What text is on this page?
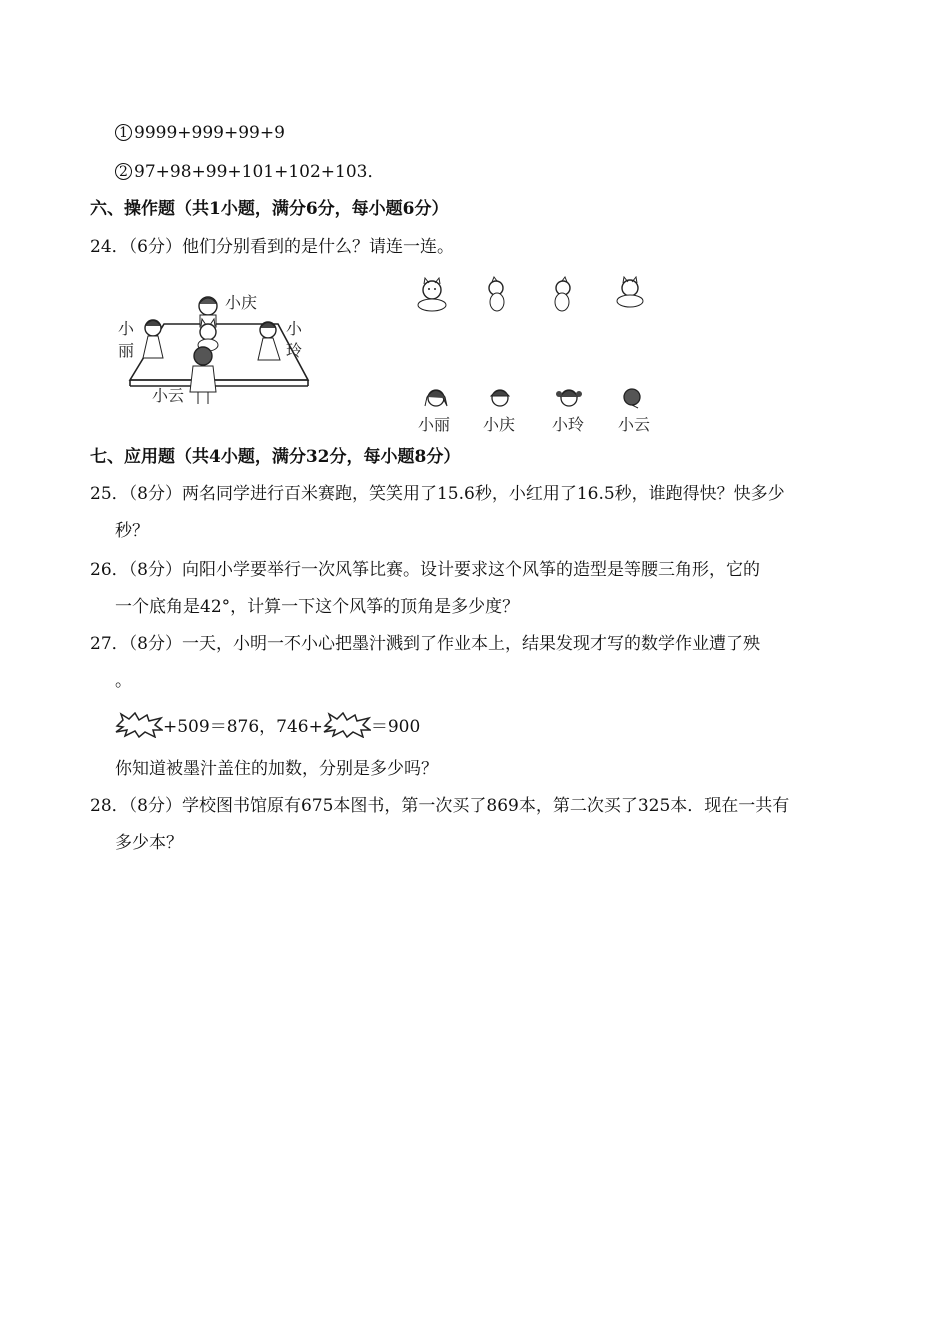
1 9999+999+99+9
2 97+98+99+101+102+103．
六、操作题（共1小题，满分6分，每小题6分）
24．（6分）他们分别看到的是什么？请连一连。
小庆
小丽
小玲
小云
小丽 小庆 小玲 小云
七、应用题（共4小题，满分32分，每小题8分）
25．（8分）两名同学进行百米赛跑，笑笑用了15.6秒，小红用了16.5秒，谁跑得快？快多少
秒？
26．（8分）向阳小学要举行一次风筝比赛。设计要求这个风筝的造型是等腰三角形，它的
一个底角是42°，计算一下这个风筝的顶角是多少度？
27．（8分）一天，小明一不小心把墨汁溅到了作业本上，结果发现才写的数学作业遭了殃
。
+509＝876，746+	＝900
你知道被墨汁盖住的加数，分别是多少吗？
28．（8分）学校图书馆原有675本图书，第一次买了869本，第二次买了325本．现在一共有
多少本？
